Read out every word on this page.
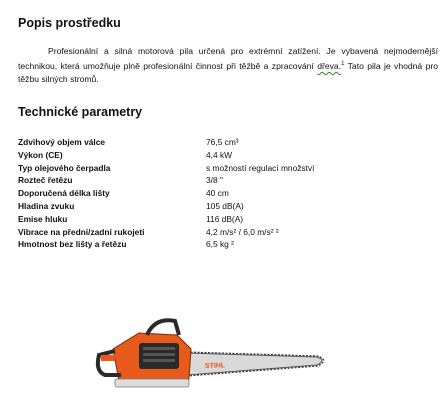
Popis prostředku

Profesionální a silná motorová pila určená pro extrémní zatížení. Je vybavená nejmodernější technikou, která umožňuje plně profesionální činnost při těžbě a zpracování dřeva.$^1$ Tato pila je vhodná pro těžbu silných stromů.

Technické parametry
Zdvihový objem válce	76,5 cm³
Výkon (CE)	4,4 kW
Typ olejového čerpadla	s možností regulací množství
Rozteč řetězu	3/8 "
Doporučená délka lišty	40 cm
Hladina zvuku	105 dB(A)
Emise hluku	116 dB(A)
Vibrace na přední/zadní rukojeti	4,2 m/s² / 6,0 m/s² ²
Hmotnost bez lišty a řetězu	6,5 kg ²
STIHL
